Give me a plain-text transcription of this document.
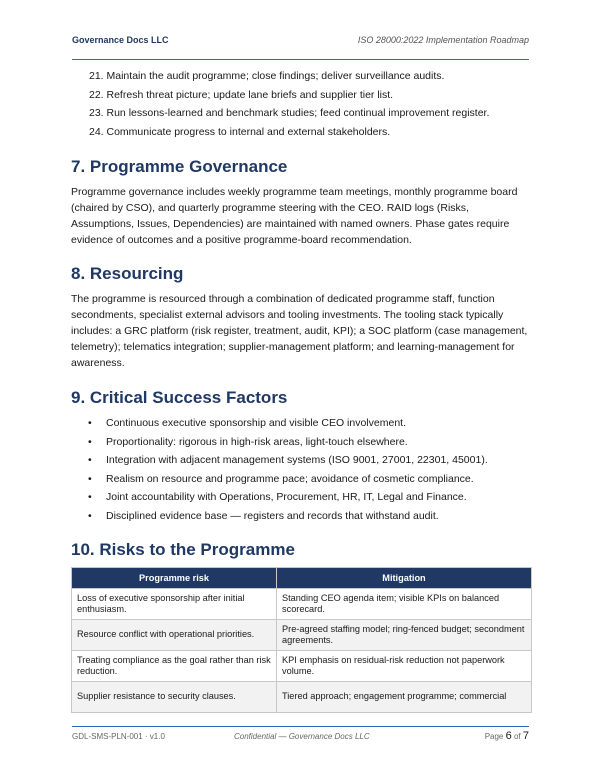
Governance Docs LLC	ISO 28000:2022 Implementation Roadmap
21. Maintain the audit programme; close findings; deliver surveillance audits.
22. Refresh threat picture; update lane briefs and supplier tier list.
23. Run lessons-learned and benchmark studies; feed continual improvement register.
24. Communicate progress to internal and external stakeholders.
7. Programme Governance

Programme governance includes weekly programme team meetings, monthly programme board (chaired by CSO), and quarterly programme steering with the CEO. RAID logs (Risks, Assumptions, Issues, Dependencies) are maintained with named owners. Phase gates require evidence of outcomes and a positive programme-board recommendation.

8. Resourcing

The programme is resourced through a combination of dedicated programme staff, function secondments, specialist external advisors and tooling investments. The tooling stack typically includes: a GRC platform (risk register, treatment, audit, KPI); a SOC platform (case management, telemetry); telematics integration; supplier-management platform; and learning-management for awareness.

9. Critical Success Factors
• Continuous executive sponsorship and visible CEO involvement.
• Proportionality: rigorous in high-risk areas, light-touch elsewhere.
• Integration with adjacent management systems (ISO 9001, 27001, 22301, 45001).
• Realism on resource and programme pace; avoidance of cosmetic compliance.
• Joint accountability with Operations, Procurement, HR, IT, Legal and Finance.
• Disciplined evidence base — registers and records that withstand audit.
10. Risks to the Programme
Programme risk	Mitigation
Loss of executive sponsorship after initial enthusiasm.	Standing CEO agenda item; visible KPIs on balanced scorecard.
Resource conflict with operational priorities.	Pre-agreed staffing model; ring-fenced budget; secondment agreements.
Treating compliance as the goal rather than risk reduction.	KPI emphasis on residual-risk reduction not paperwork volume.
Supplier resistance to security clauses.	Tiered approach; engagement programme; commercial
GDL-SMS-PLN-001 · v1.0	Confidential — Governance Docs LLC	Page 6 of 7
